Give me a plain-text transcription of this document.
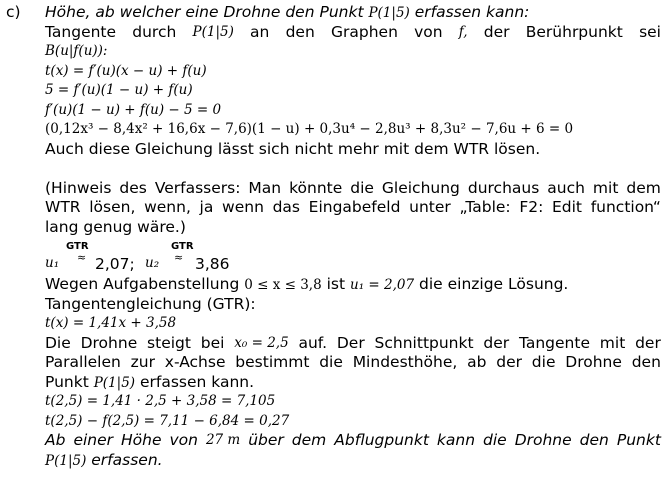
c) Höhe, ab welcher eine Drohne den Punkt P(1|5) erfassen kann:
Tangente durch P(1|5) an den Graphen von f, der Berührpunkt sei
B(u|f(u)):
t(x) = f′(u)(x − u) + f(u)
5 = f′(u)(1 − u) + f(u)
f′(u)(1 − u) + f(u) − 5 = 0
(0,12x³ − 8,4x² + 16,6x − 7,6)(1 − u) + 0,3u⁴ − 2,8u³ + 8,3u² − 7,6u + 6 = 0
Auch diese Gleichung lässt sich nicht mehr mit dem WTR lösen.
(Hinweis des Verfassers: Man könnte die Gleichung durchaus auch mit dem
WTR lösen, wenn, ja wenn das Eingabefeld unter „Table: F2: Edit function“
lang genug wäre.)
GTR
≈
u₁ 2,07;
GTR
≈
u₂ 3,86
Wegen Aufgabenstellung 0 ≤ x ≤ 3,8 ist u₁ = 2,07 die einzige Lösung.
Tangentengleichung (GTR):
t(x) = 1,41x + 3,58
Die Drohne steigt bei x₀ = 2,5 auf. Der Schnittpunkt der Tangente mit der
Parallelen zur x-Achse bestimmt die Mindesthöhe, ab der die Drohne den
Punkt P(1|5) erfassen kann.
t(2,5) = 1,41 · 2,5 + 3,58 = 7,105
t(2,5) − f(2,5) = 7,11 − 6,84 = 0,27
Ab einer Höhe von 27 m über dem Abflugpunkt kann die Drohne den Punkt
P(1|5) erfassen.
